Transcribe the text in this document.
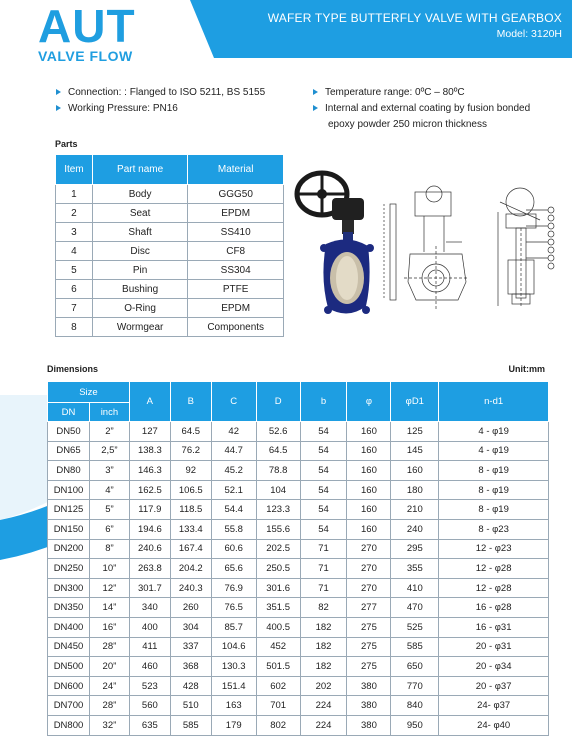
AUT
VALVE FLOW
WAFER TYPE BUTTERFLY VALVE WITH GEARBOX
Model: 3120H
Connection: : Flanged to ISO 5211, BS 5155
Working Pressure: PN16
Temperature range: 0ºC – 80ºC
Internal and external coating by fusion bonded
epoxy powder 250 micron thickness
Parts
Item	Part name	Material
1	Body	GGG50
2	Seat	EPDM
3	Shaft	SS410
4	Disc	CF8
5	Pin	SS304
6	Bushing	PTFE
7	O-Ring	EPDM
8	Wormgear	Components
Dimensions	Unit:mm
Size		A	B	C	D	b	φ	φD1	n-d1
DN	inch								
DN50	2”	127	64.5	42	52.6	54	160	125	4 - φ19
DN65	2,5”	138.3	76.2	44.7	64.5	54	160	145	4 - φ19
DN80	3”	146.3	92	45.2	78.8	54	160	160	8 - φ19
DN100	4”	162.5	106.5	52.1	104	54	160	180	8 - φ19
DN125	5”	117.9	118.5	54.4	123.3	54	160	210	8 - φ19
DN150	6”	194.6	133.4	55.8	155.6	54	160	240	8 - φ23
DN200	8”	240.6	167.4	60.6	202.5	71	270	295	12 - φ23
DN250	10”	263.8	204.2	65.6	250.5	71	270	355	12 - φ28
DN300	12”	301.7	240.3	76.9	301.6	71	270	410	12 - φ28
DN350	14”	340	260	76.5	351.5	82	277	470	16 - φ28
DN400	16”	400	304	85.7	400.5	182	275	525	16 - φ31
DN450	28”	411	337	104.6	452	182	275	585	20 - φ31
DN500	20”	460	368	130.3	501.5	182	275	650	20 - φ34
DN600	24”	523	428	151.4	602	202	380	770	20 - φ37
DN700	28”	560	510	163	701	224	380	840	24- φ37
DN800	32”	635	585	179	802	224	380	950	24- φ40
